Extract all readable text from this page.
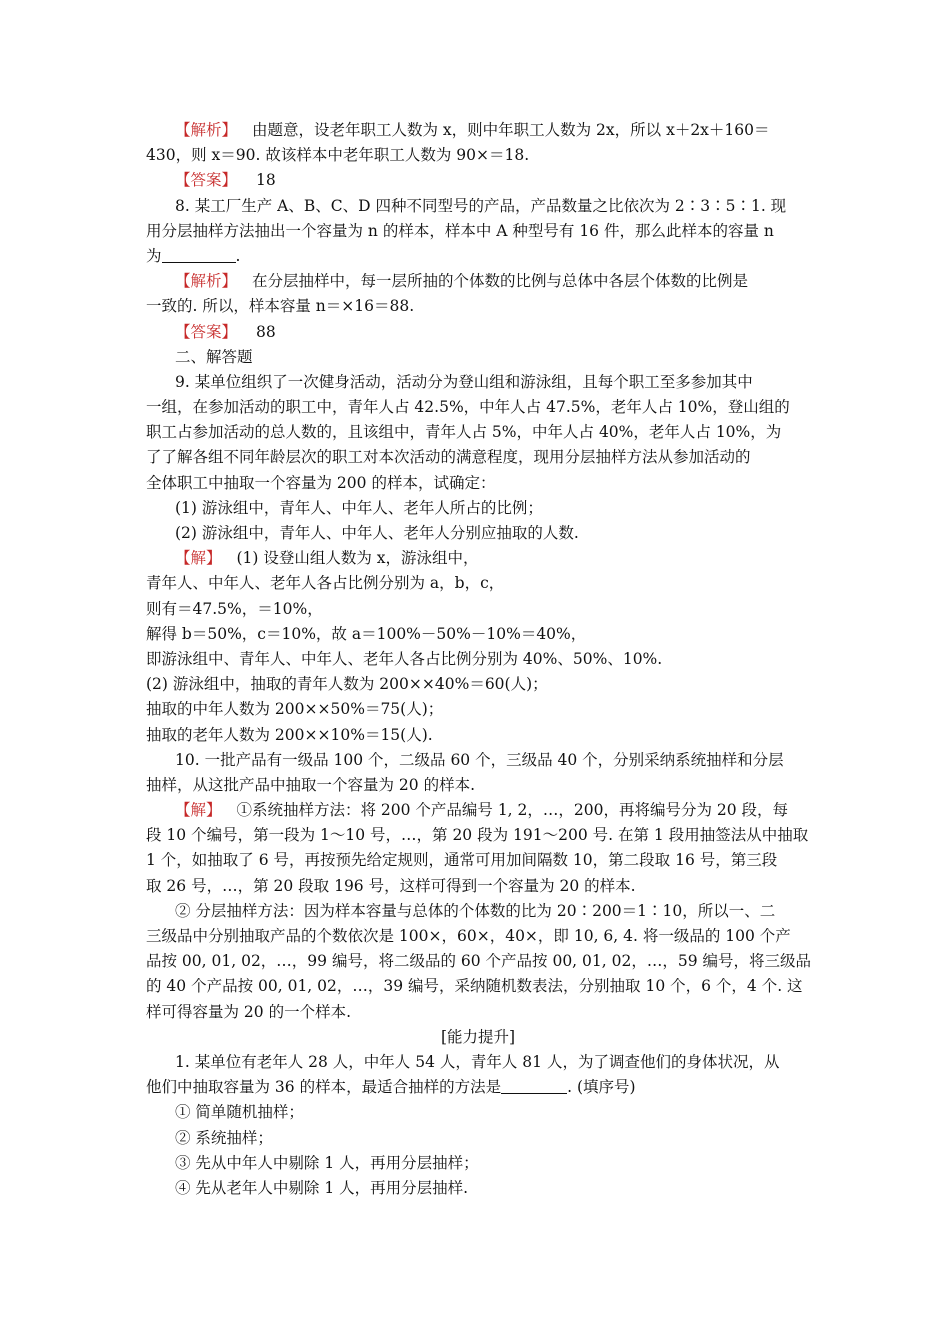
【解析】 由题意，设老年职工人数为 x，则中年职工人数为 2x，所以 x＋2x＋160＝
430，则 x＝90. 故该样本中老年职工人数为 90×＝18.
【答案】 18
8. 某工厂生产 A、B、C、D 四种不同型号的产品，产品数量之比依次为 2∶3∶5∶1. 现
用分层抽样方法抽出一个容量为 n 的样本，样本中 A 种型号有 16 件，那么此样本的容量 n
为	.
【解析】 在分层抽样中，每一层所抽的个体数的比例与总体中各层个体数的比例是
一致的. 所以，样本容量 n＝×16＝88.
【答案】 88
二、解答题
9. 某单位组织了一次健身活动，活动分为登山组和游泳组，且每个职工至多参加其中
一组，在参加活动的职工中，青年人占 42.5%，中年人占 47.5%，老年人占 10%，登山组的
职工占参加活动的总人数的，且该组中，青年人占 5%，中年人占 40%，老年人占 10%，为
了了解各组不同年龄层次的职工对本次活动的满意程度，现用分层抽样方法从参加活动的
全体职工中抽取一个容量为 200 的样本，试确定：
(1) 游泳组中，青年人、中年人、老年人所占的比例；
(2) 游泳组中，青年人、中年人、老年人分别应抽取的人数.
【解】 (1) 设登山组人数为 x，游泳组中，
青年人、中年人、老年人各占比例分别为 a，b，c，
则有＝47.5%，＝10%，
解得 b＝50%，c＝10%，故 a＝100%－50%－10%＝40%，
即游泳组中、青年人、中年人、老年人各占比例分别为 40%、50%、10%.
(2) 游泳组中，抽取的青年人数为 200××40%＝60(人)；
抽取的中年人数为 200××50%＝75(人)；
抽取的老年人数为 200××10%＝15(人).
10. 一批产品有一级品 100 个，二级品 60 个，三级品 40 个，分别采纳系统抽样和分层
抽样，从这批产品中抽取一个容量为 20 的样本.
【解】 ①系统抽样方法：将 200 个产品编号 1, 2，…，200，再将编号分为 20 段，每
段 10 个编号，第一段为 1～10 号，…，第 20 段为 191～200 号. 在第 1 段用抽签法从中抽取
1 个，如抽取了 6 号，再按预先给定规则，通常可用加间隔数 10，第二段取 16 号，第三段
取 26 号，…，第 20 段取 196 号，这样可得到一个容量为 20 的样本.
② 分层抽样方法：因为样本容量与总体的个体数的比为 20∶200＝1∶10，所以一、二
三级品中分别抽取产品的个数依次是 100×，60×，40×，即 10, 6, 4. 将一级品的 100 个产
品按 00, 01, 02，…，99 编号，将二级品的 60 个产品按 00, 01, 02，…，59 编号，将三级品
的 40 个产品按 00, 01, 02，…，39 编号，采纳随机数表法，分别抽取 10 个，6 个，4 个. 这
样可得容量为 20 的一个样本.
[能力提升]
1. 某单位有老年人 28 人，中年人 54 人，青年人 81 人，为了调查他们的身体状况，从
他们中抽取容量为 36 的样本，最适合抽样的方法是	. (填序号)
① 简单随机抽样；
② 系统抽样；
③ 先从中年人中剔除 1 人，再用分层抽样；
④ 先从老年人中剔除 1 人，再用分层抽样.
